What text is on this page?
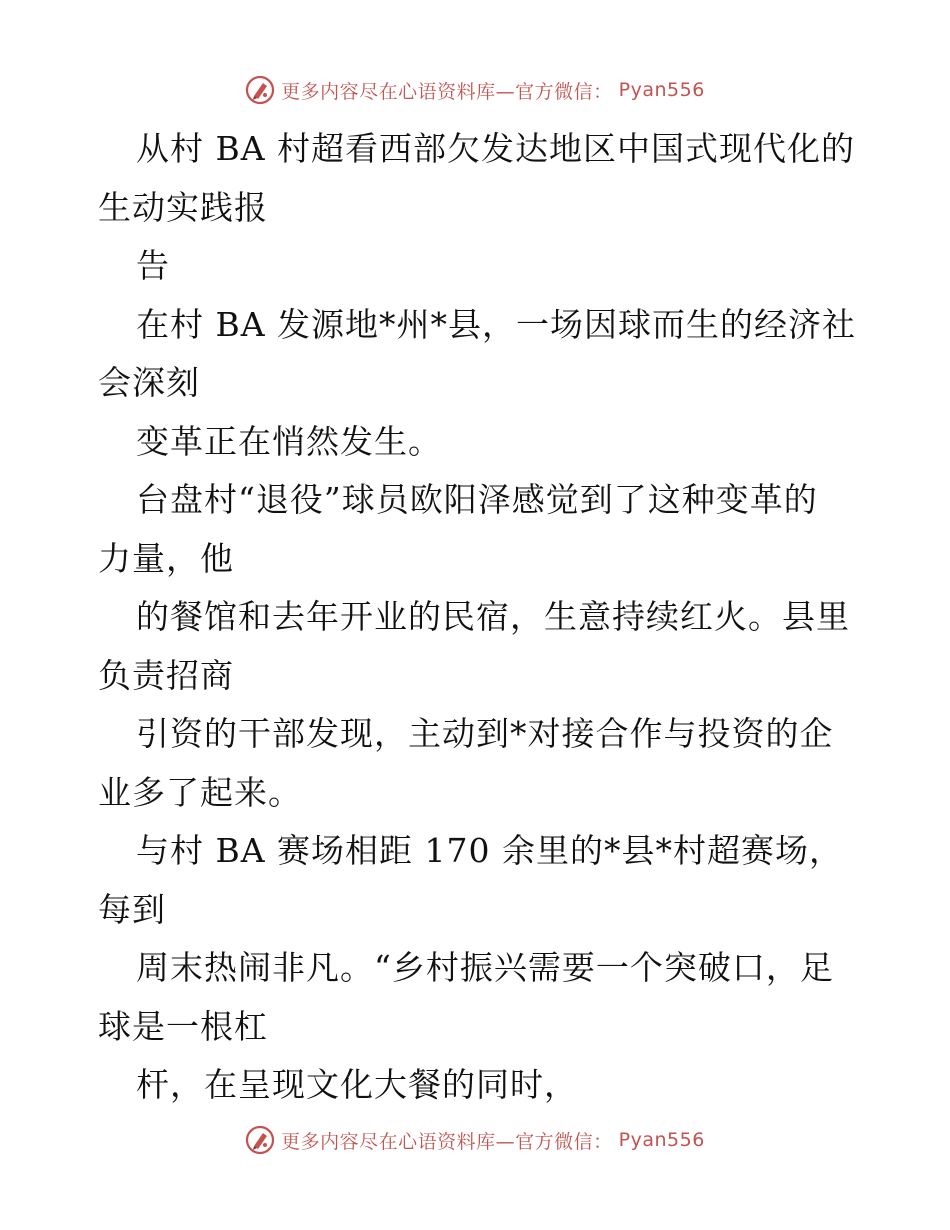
更多内容尽在心语资料库—官方微信： Pyan556
从村 BA 村超看西部欠发达地区中国式现代化的
生动实践报
告
在村 BA 发源地*州*县，一场因球而生的经济社
会深刻
变革正在悄然发生。
台盘村“退役”球员欧阳泽感觉到了这种变革的
力量，他
的餐馆和去年开业的民宿，生意持续红火。县里
负责招商
引资的干部发现，主动到*对接合作与投资的企
业多了起来。
与村 BA 赛场相距 170 余里的*县*村超赛场，
每到
周末热闹非凡。“乡村振兴需要一个突破口，足
球是一根杠
杆，在呈现文化大餐的同时，
更多内容尽在心语资料库—官方微信： Pyan556
